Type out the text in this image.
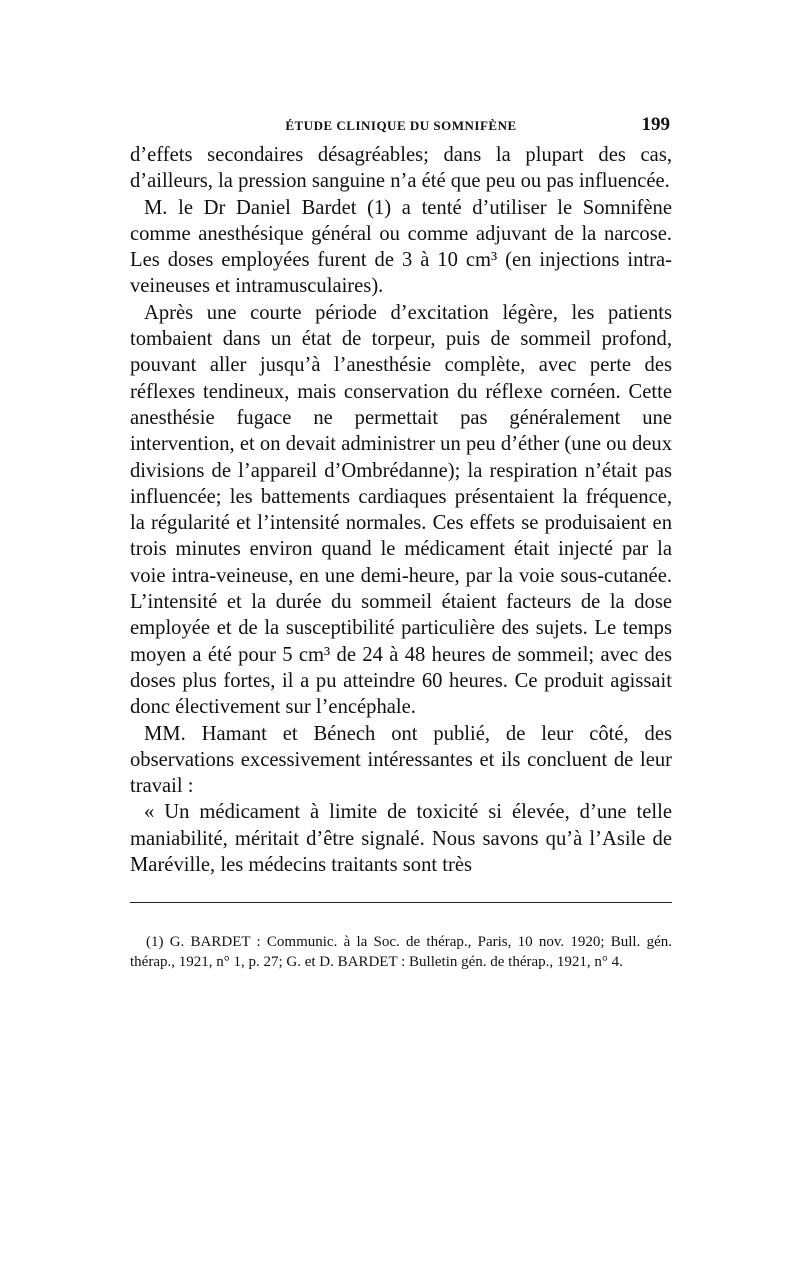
ÉTUDE CLINIQUE DU SOMNIFÈNE	199

d’effets secondaires désagréables; dans la plupart des cas, d’ailleurs, la pression sanguine n’a été que peu ou pas influencée.

M. le Dr Daniel Bardet (1) a tenté d’utiliser le Somnifène comme anesthésique général ou comme adjuvant de la narcose. Les doses employées furent de 3 à 10 cm³ (en injections intra-veineuses et intramusculaires).

Après une courte période d’excitation légère, les patients tombaient dans un état de torpeur, puis de sommeil profond, pouvant aller jusqu’à l’anesthésie complète, avec perte des réflexes tendineux, mais conservation du réflexe cornéen. Cette anesthésie fugace ne permettait pas généralement une intervention, et on devait administrer un peu d’éther (une ou deux divisions de l’appareil d’Ombrédanne); la respiration n’était pas influencée; les battements cardiaques présentaient la fréquence, la régularité et l’intensité normales. Ces effets se produisaient en trois minutes environ quand le médicament était injecté par la voie intra-veineuse, en une demi-heure, par la voie sous-cutanée. L’intensité et la durée du sommeil étaient facteurs de la dose employée et de la susceptibilité particulière des sujets. Le temps moyen a été pour 5 cm³ de 24 à 48 heures de sommeil; avec des doses plus fortes, il a pu atteindre 60 heures. Ce produit agissait donc électivement sur l’encéphale.

MM. Hamant et Bénech ont publié, de leur côté, des observations excessivement intéressantes et ils concluent de leur travail :

« Un médicament à limite de toxicité si élevée, d’une telle maniabilité, méritait d’être signalé. Nous savons qu’à l’Asile de Maréville, les médecins traitants sont très

(1) G. BARDET : Communic. à la Soc. de thérap., Paris, 10 nov. 1920; Bull. gén. thérap., 1921, n° 1, p. 27; G. et D. BARDET : Bulletin gén. de thérap., 1921, n° 4.
